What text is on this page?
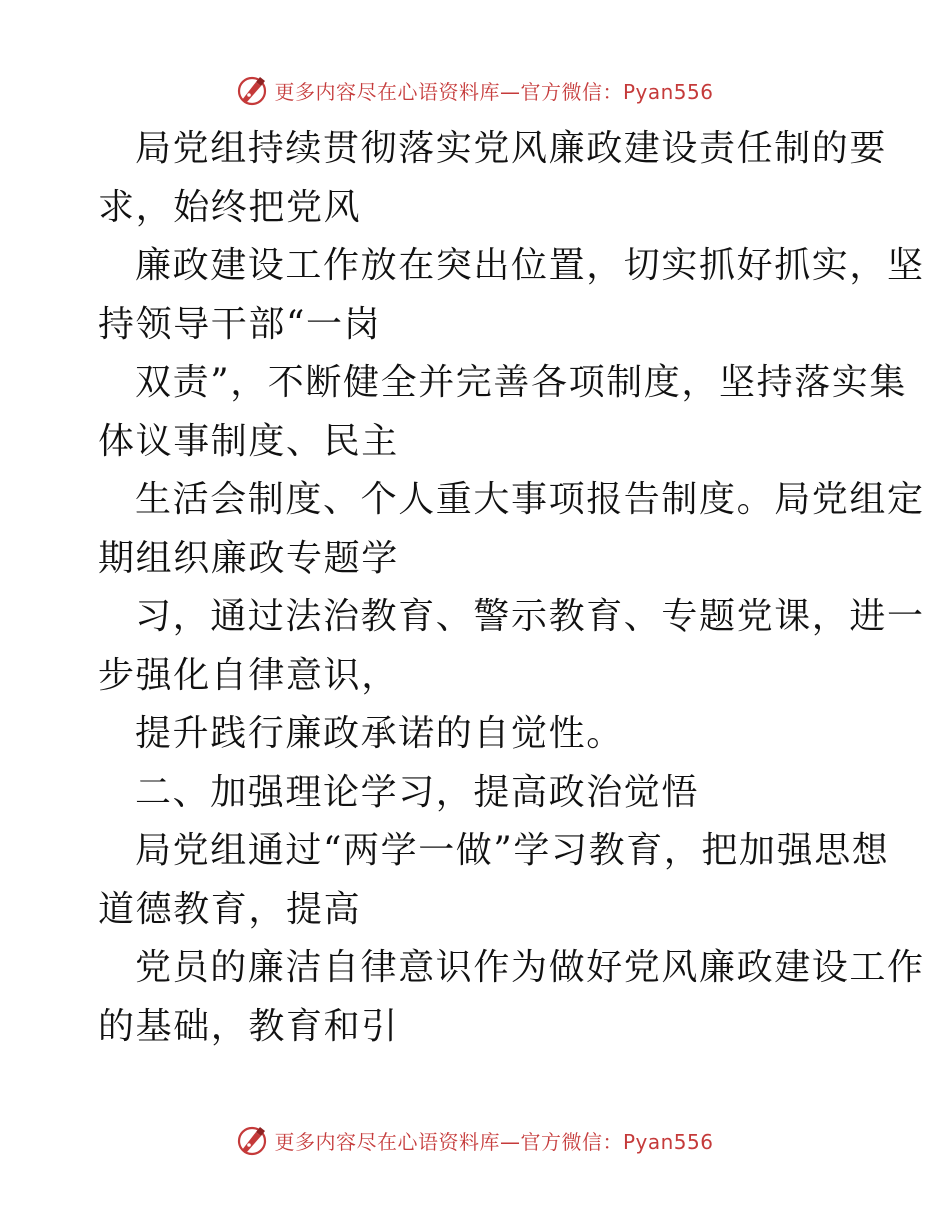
更多内容尽在心语资料库—官方微信：Pyan556
局党组持续贯彻落实党风廉政建设责任制的要
求，始终把党风
廉政建设工作放在突出位置，切实抓好抓实，坚
持领导干部“一岗
双责”，不断健全并完善各项制度，坚持落实集
体议事制度、民主
生活会制度、个人重大事项报告制度。局党组定
期组织廉政专题学
习，通过法治教育、警示教育、专题党课，进一
步强化自律意识，
提升践行廉政承诺的自觉性。
二、加强理论学习，提高政治觉悟
局党组通过“两学一做”学习教育，把加强思想
道德教育，提高
党员的廉洁自律意识作为做好党风廉政建设工作
的基础，教育和引
更多内容尽在心语资料库—官方微信：Pyan556
